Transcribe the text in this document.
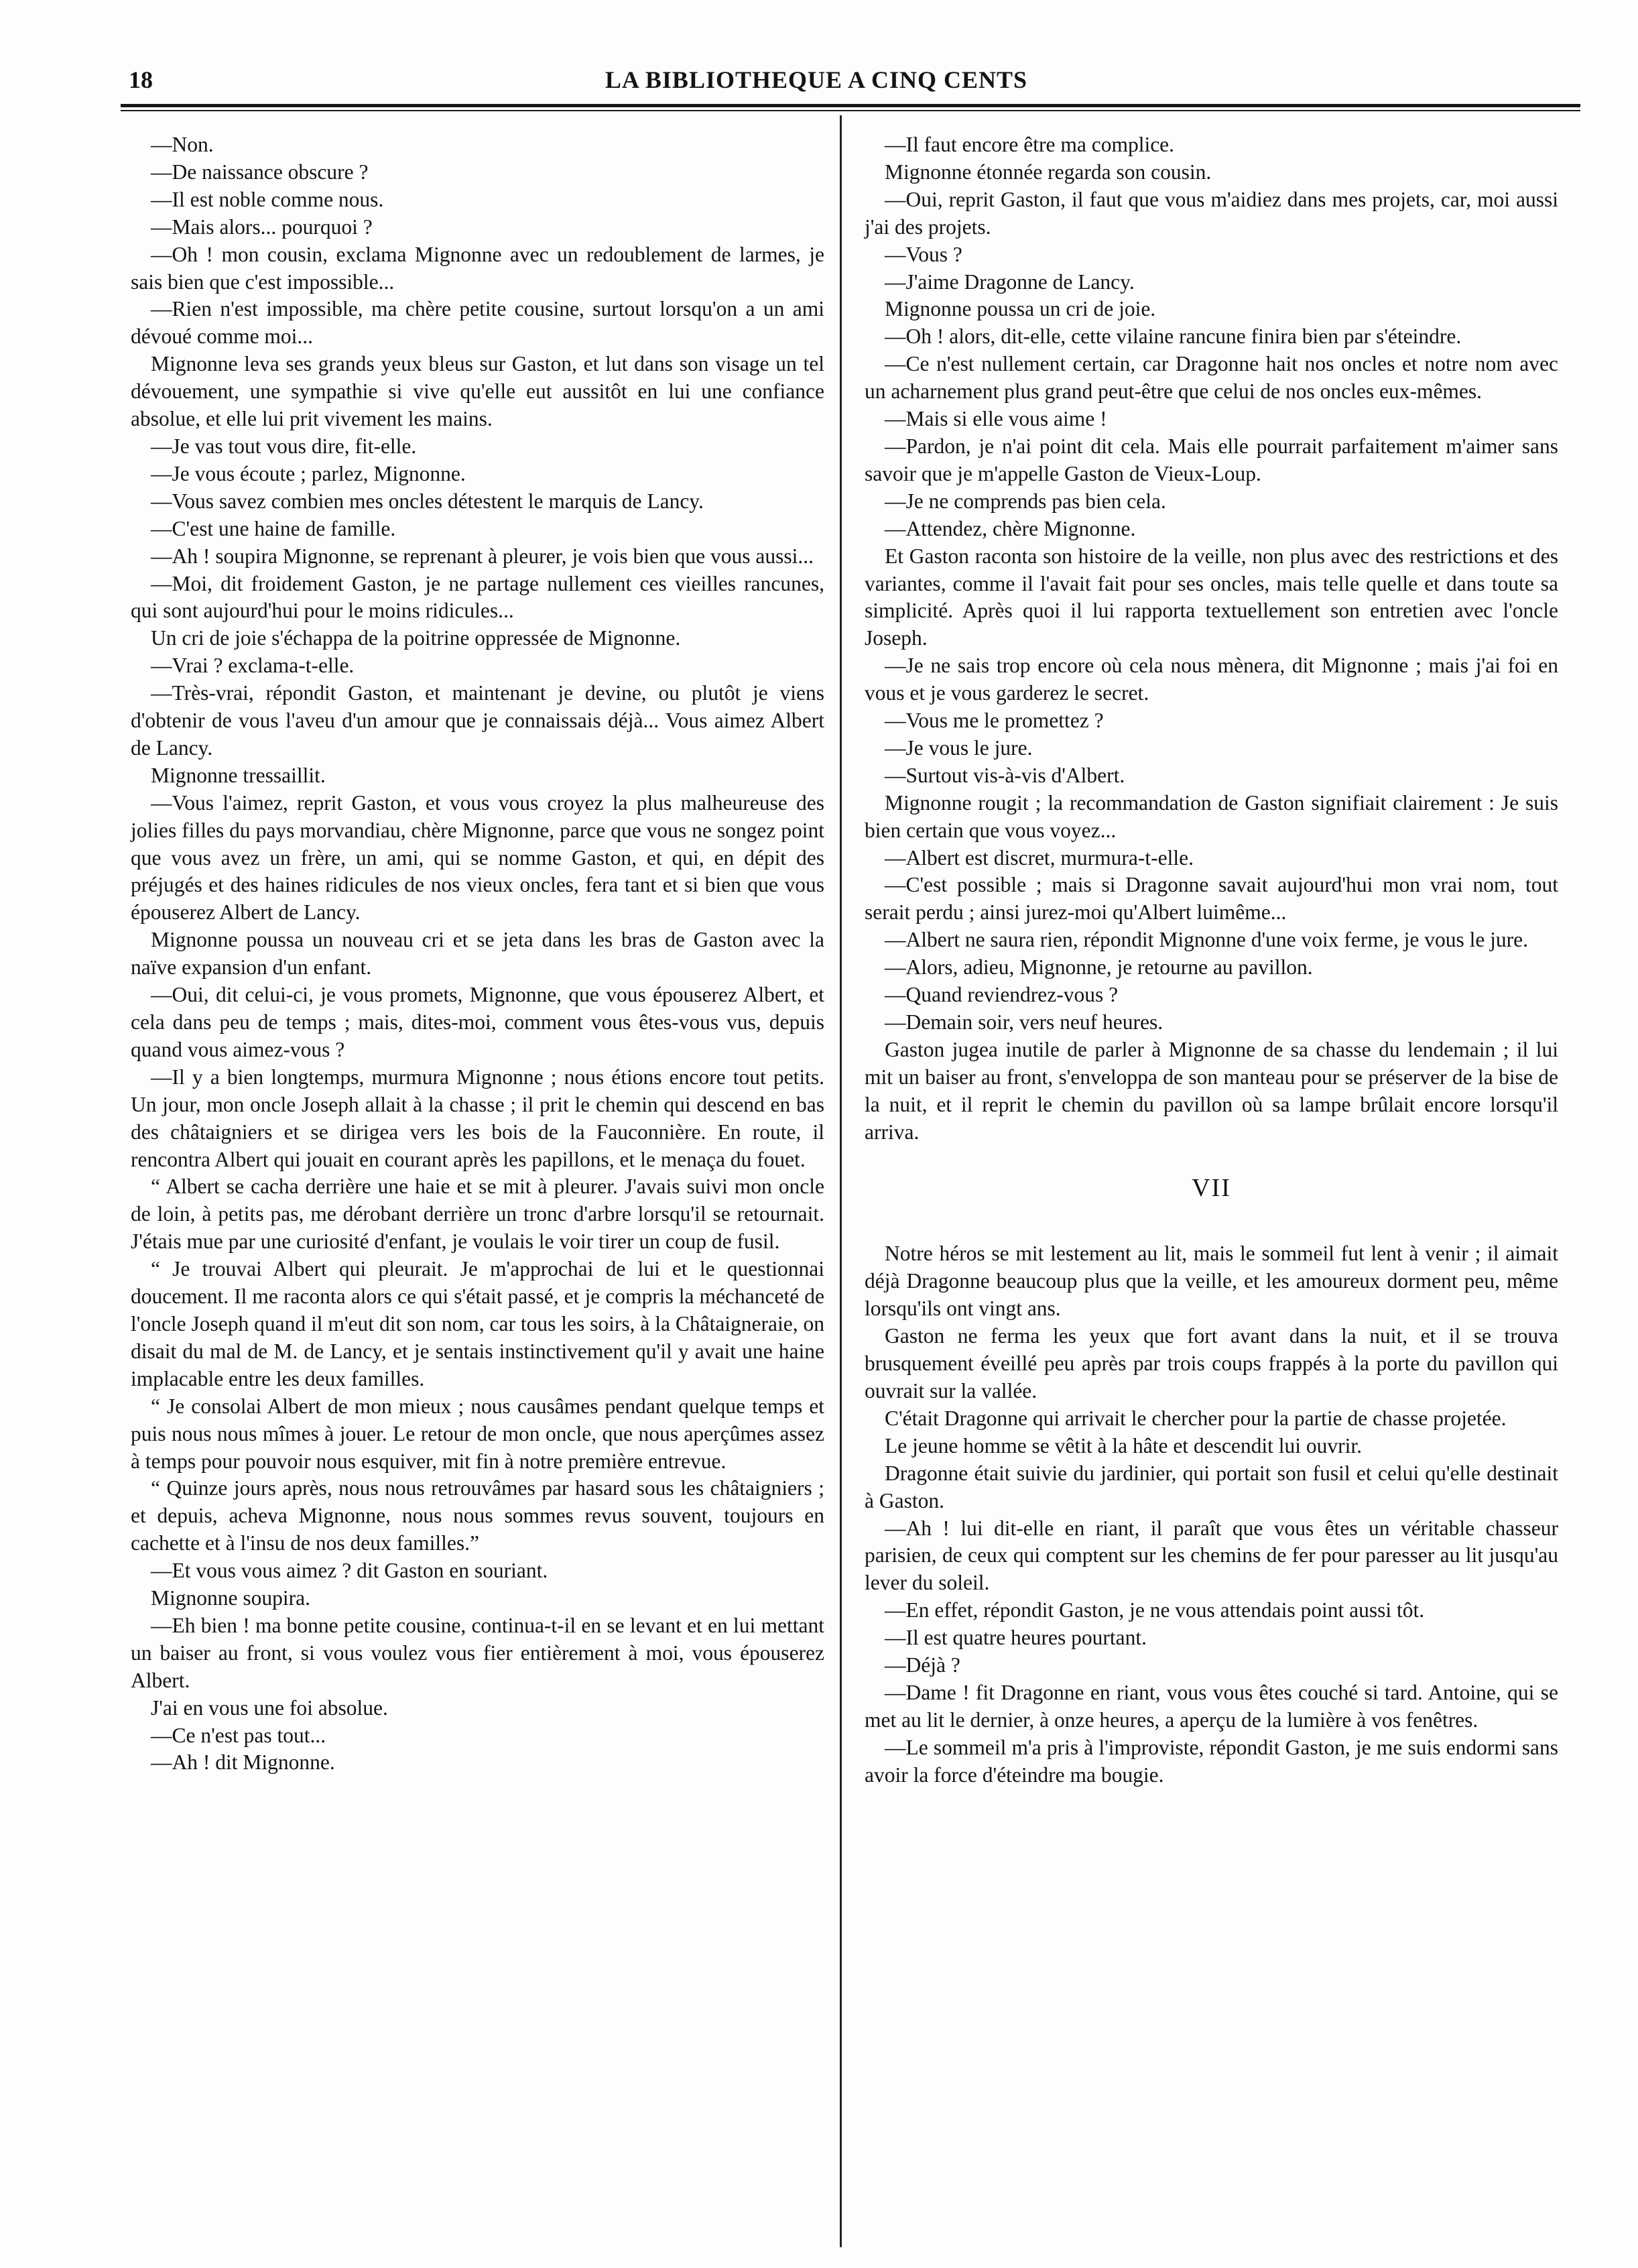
18	LA BIBLIOTHEQUE A CINQ CENTS

—Non.

—De naissance obscure ?

—Il est noble comme nous.

—Mais alors... pourquoi ?

—Oh ! mon cousin, exclama Mignonne avec un redoublement de larmes, je sais bien que c'est impossible...

—Rien n'est impossible, ma chère petite cousine, surtout lorsqu'on a un ami dévoué comme moi...

Mignonne leva ses grands yeux bleus sur Gaston, et lut dans son visage un tel dévouement, une sympathie si vive qu'elle eut aussitôt en lui une confiance absolue, et elle lui prit vivement les mains.

—Je vas tout vous dire, fit-elle.

—Je vous écoute ; parlez, Mignonne.

—Vous savez combien mes oncles détestent le marquis de Lancy.

—C'est une haine de famille.

—Ah ! soupira Mignonne, se reprenant à pleurer, je vois bien que vous aussi...

—Moi, dit froidement Gaston, je ne partage nullement ces vieilles rancunes, qui sont aujourd'hui pour le moins ridicules...

Un cri de joie s'échappa de la poitrine oppressée de Mignonne.

—Vrai ? exclama-t-elle.

—Très-vrai, répondit Gaston, et maintenant je devine, ou plutôt je viens d'obtenir de vous l'aveu d'un amour que je connaissais déjà... Vous aimez Albert de Lancy.

Mignonne tressaillit.

—Vous l'aimez, reprit Gaston, et vous vous croyez la plus malheureuse des jolies filles du pays morvandiau, chère Mignonne, parce que vous ne songez point que vous avez un frère, un ami, qui se nomme Gaston, et qui, en dépit des préjugés et des haines ridicules de nos vieux oncles, fera tant et si bien que vous épouserez Albert de Lancy.

Mignonne poussa un nouveau cri et se jeta dans les bras de Gaston avec la naïve expansion d'un enfant.

—Oui, dit celui-ci, je vous promets, Mignonne, que vous épouserez Albert, et cela dans peu de temps ; mais, dites-moi, comment vous êtes-vous vus, depuis quand vous aimez-vous ?

—Il y a bien longtemps, murmura Mignonne ; nous étions encore tout petits. Un jour, mon oncle Joseph allait à la chasse ; il prit le chemin qui descend en bas des châtaigniers et se dirigea vers les bois de la Fauconnière. En route, il rencontra Albert qui jouait en courant après les papillons, et le menaça du fouet.

“ Albert se cacha derrière une haie et se mit à pleurer. J'avais suivi mon oncle de loin, à petits pas, me dérobant derrière un tronc d'arbre lorsqu'il se retournait. J'étais mue par une curiosité d'enfant, je voulais le voir tirer un coup de fusil.

“ Je trouvai Albert qui pleurait. Je m'approchai de lui et le questionnai doucement. Il me raconta alors ce qui s'était passé, et je compris la méchanceté de l'oncle Joseph quand il m'eut dit son nom, car tous les soirs, à la Châtaigneraie, on disait du mal de M. de Lancy, et je sentais instinctivement qu'il y avait une haine implacable entre les deux familles.

“ Je consolai Albert de mon mieux ; nous causâmes pendant quelque temps et puis nous nous mîmes à jouer. Le retour de mon oncle, que nous aperçûmes assez à temps pour pouvoir nous esquiver, mit fin à notre première entrevue.

“ Quinze jours après, nous nous retrouvâmes par hasard sous les châtaigniers ; et depuis, acheva Mignonne, nous nous sommes revus souvent, toujours en cachette et à l'insu de nos deux familles.”

—Et vous vous aimez ? dit Gaston en souriant.

Mignonne soupira.

—Eh bien ! ma bonne petite cousine, continua-t-il en se levant et en lui mettant un baiser au front, si vous voulez vous fier entièrement à moi, vous épouserez Albert.

J'ai en vous une foi absolue.

—Ce n'est pas tout...

—Ah ! dit Mignonne.

—Il faut encore être ma complice.

Mignonne étonnée regarda son cousin.

—Oui, reprit Gaston, il faut que vous m'aidiez dans mes projets, car, moi aussi j'ai des projets.

—Vous ?

—J'aime Dragonne de Lancy.

Mignonne poussa un cri de joie.

—Oh ! alors, dit-elle, cette vilaine rancune finira bien par s'éteindre.

—Ce n'est nullement certain, car Dragonne hait nos oncles et notre nom avec un acharnement plus grand peut-être que celui de nos oncles eux-mêmes.

—Mais si elle vous aime !

—Pardon, je n'ai point dit cela. Mais elle pourrait parfaitement m'aimer sans savoir que je m'appelle Gaston de Vieux-Loup.

—Je ne comprends pas bien cela.

—Attendez, chère Mignonne.

Et Gaston raconta son histoire de la veille, non plus avec des restrictions et des variantes, comme il l'avait fait pour ses oncles, mais telle quelle et dans toute sa simplicité. Après quoi il lui rapporta textuellement son entretien avec l'oncle Joseph.

—Je ne sais trop encore où cela nous mènera, dit Mignonne ; mais j'ai foi en vous et je vous garderez le secret.

—Vous me le promettez ?

—Je vous le jure.

—Surtout vis-à-vis d'Albert.

Mignonne rougit ; la recommandation de Gaston signifiait clairement : Je suis bien certain que vous voyez...

—Albert est discret, murmura-t-elle.

—C'est possible ; mais si Dragonne savait aujourd'hui mon vrai nom, tout serait perdu ; ainsi jurez-moi qu'Albert luimême...

—Albert ne saura rien, répondit Mignonne d'une voix ferme, je vous le jure.

—Alors, adieu, Mignonne, je retourne au pavillon.

—Quand reviendrez-vous ?

—Demain soir, vers neuf heures.

Gaston jugea inutile de parler à Mignonne de sa chasse du lendemain ; il lui mit un baiser au front, s'enveloppa de son manteau pour se préserver de la bise de la nuit, et il reprit le chemin du pavillon où sa lampe brûlait encore lorsqu'il arriva.

VII

Notre héros se mit lestement au lit, mais le sommeil fut lent à venir ; il aimait déjà Dragonne beaucoup plus que la veille, et les amoureux dorment peu, même lorsqu'ils ont vingt ans.

Gaston ne ferma les yeux que fort avant dans la nuit, et il se trouva brusquement éveillé peu après par trois coups frappés à la porte du pavillon qui ouvrait sur la vallée.

C'était Dragonne qui arrivait le chercher pour la partie de chasse projetée.

Le jeune homme se vêtit à la hâte et descendit lui ouvrir.

Dragonne était suivie du jardinier, qui portait son fusil et celui qu'elle destinait à Gaston.

—Ah ! lui dit-elle en riant, il paraît que vous êtes un véritable chasseur parisien, de ceux qui comptent sur les chemins de fer pour paresser au lit jusqu'au lever du soleil.

—En effet, répondit Gaston, je ne vous attendais point aussi tôt.

—Il est quatre heures pourtant.

—Déjà ?

—Dame ! fit Dragonne en riant, vous vous êtes couché si tard. Antoine, qui se met au lit le dernier, à onze heures, a aperçu de la lumière à vos fenêtres.

—Le sommeil m'a pris à l'improviste, répondit Gaston, je me suis endormi sans avoir la force d'éteindre ma bougie.
